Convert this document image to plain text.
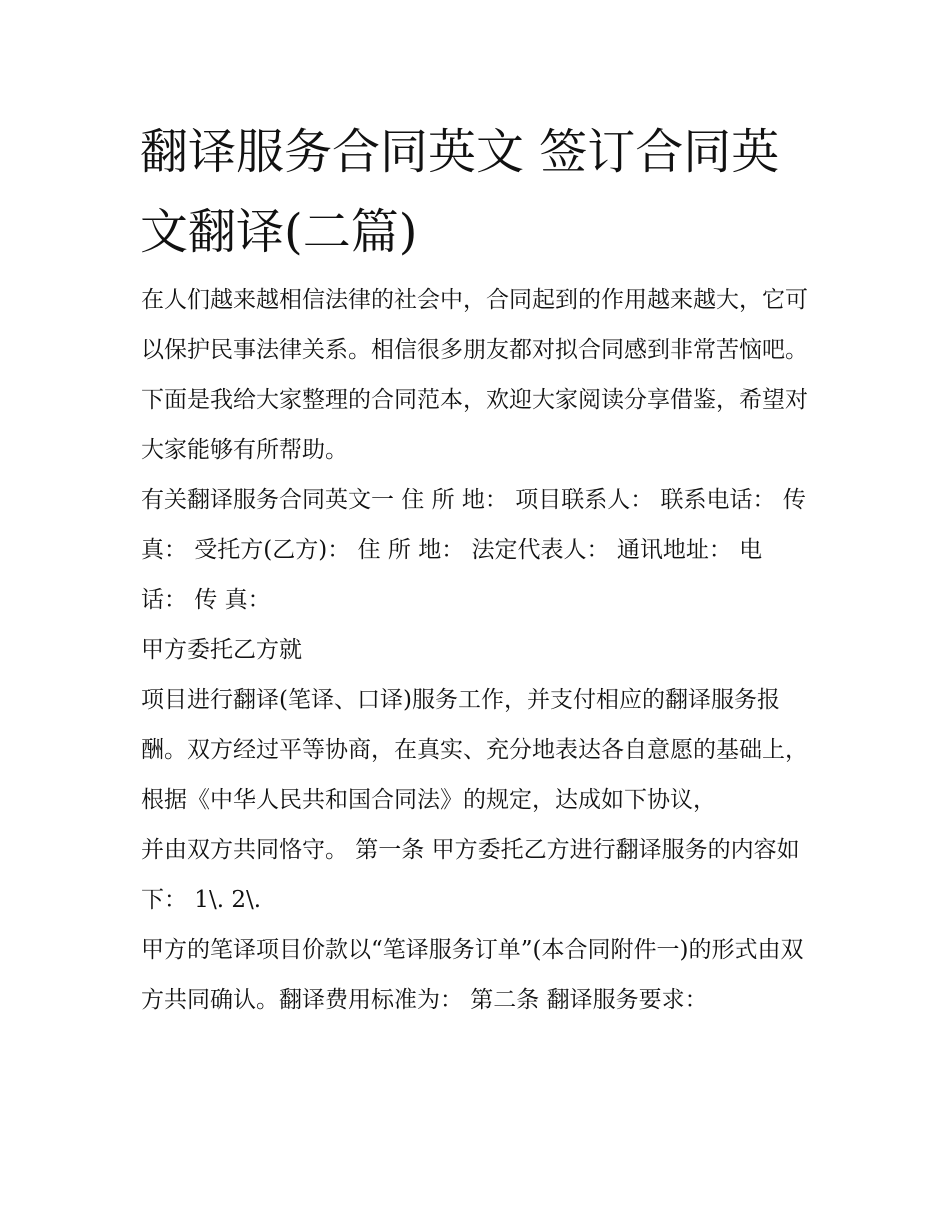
翻译服务合同英文 签订合同英文翻译(二篇)

在人们越来越相信法律的社会中，合同起到的作用越来越大，它可以保护民事法律关系。相信很多朋友都对拟合同感到非常苦恼吧。下面是我给大家整理的合同范本，欢迎大家阅读分享借鉴，希望对大家能够有所帮助。

有关翻译服务合同英文一 住 所 地： 项目联系人： 联系电话： 传 真： 受托方(乙方)： 住 所 地： 法定代表人： 通讯地址： 电 话： 传 真：

甲方委托乙方就

项目进行翻译(笔译、口译)服务工作，并支付相应的翻译服务报酬。双方经过平等协商，在真实、充分地表达各自意愿的基础上，根据《中华人民共和国合同法》的规定，达成如下协议，

并由双方共同恪守。 第一条 甲方委托乙方进行翻译服务的内容如下： 1\. 2\.

甲方的笔译项目价款以“笔译服务订单”(本合同附件一)的形式由双方共同确认。翻译费用标准为： 第二条 翻译服务要求：
